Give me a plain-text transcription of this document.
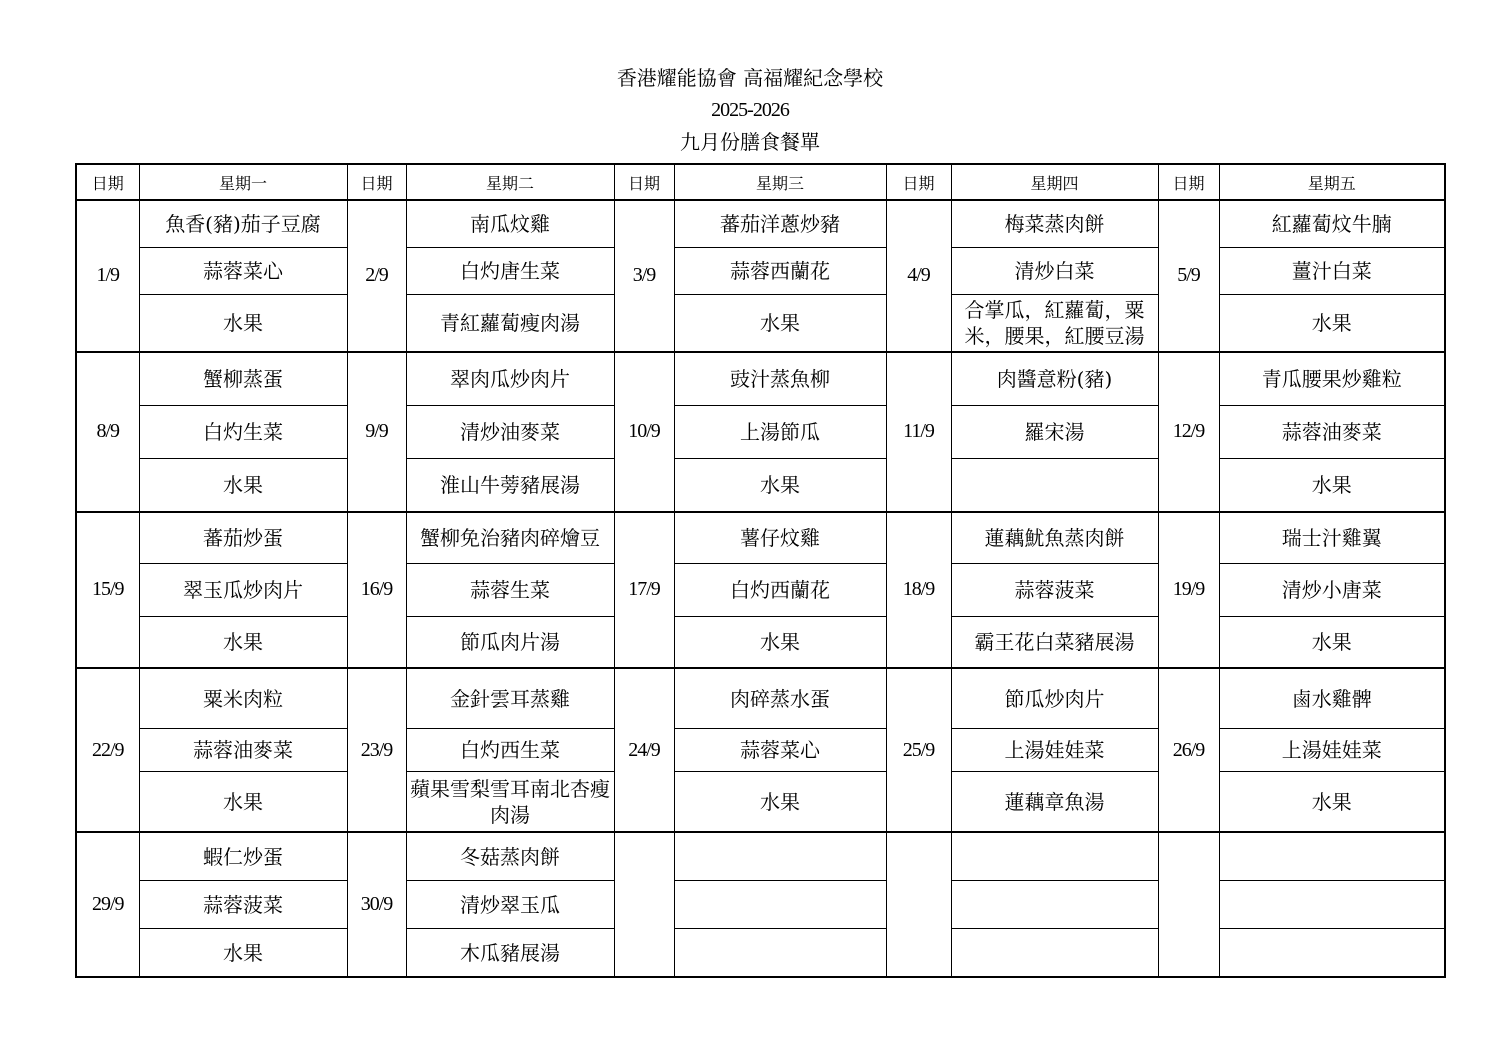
香港耀能協會 高福耀紀念學校
2025-2026
九月份膳食餐單
日期	星期一	日期	星期二	日期	星期三	日期	星期四	日期	星期五
1/9	魚香(豬)茄子豆腐	2/9	南瓜炆雞	3/9	蕃茄洋蔥炒豬	4/9	梅菜蒸肉餅	5/9	紅蘿蔔炆牛腩
	蒜蓉菜心		白灼唐生菜		蒜蓉西蘭花		清炒白菜		薑汁白菜
	水果		青紅蘿蔔瘦肉湯		水果		合掌瓜，紅蘿蔔，粟米，腰果，紅腰豆湯		水果
8/9	蟹柳蒸蛋	9/9	翠肉瓜炒肉片	10/9	豉汁蒸魚柳	11/9	肉醬意粉(豬)	12/9	青瓜腰果炒雞粒
	白灼生菜		清炒油麥菜		上湯節瓜		羅宋湯		蒜蓉油麥菜
	水果		淮山牛蒡豬展湯		水果				水果
15/9	蕃茄炒蛋	16/9	蟹柳免治豬肉碎燴豆	17/9	薯仔炆雞	18/9	蓮藕魷魚蒸肉餅	19/9	瑞士汁雞翼
	翠玉瓜炒肉片		蒜蓉生菜		白灼西蘭花		蒜蓉菠菜		清炒小唐菜
	水果		節瓜肉片湯		水果		霸王花白菜豬展湯		水果
22/9	粟米肉粒	23/9	金針雲耳蒸雞	24/9	肉碎蒸水蛋	25/9	節瓜炒肉片	26/9	鹵水雞髀
	蒜蓉油麥菜		白灼西生菜		蒜蓉菜心		上湯娃娃菜		上湯娃娃菜
	水果		蘋果雪梨雪耳南北杏瘦肉湯		水果		蓮藕章魚湯		水果
29/9	蝦仁炒蛋	30/9	冬菇蒸肉餅						
	蒜蓉菠菜		清炒翠玉瓜						
	水果		木瓜豬展湯						
